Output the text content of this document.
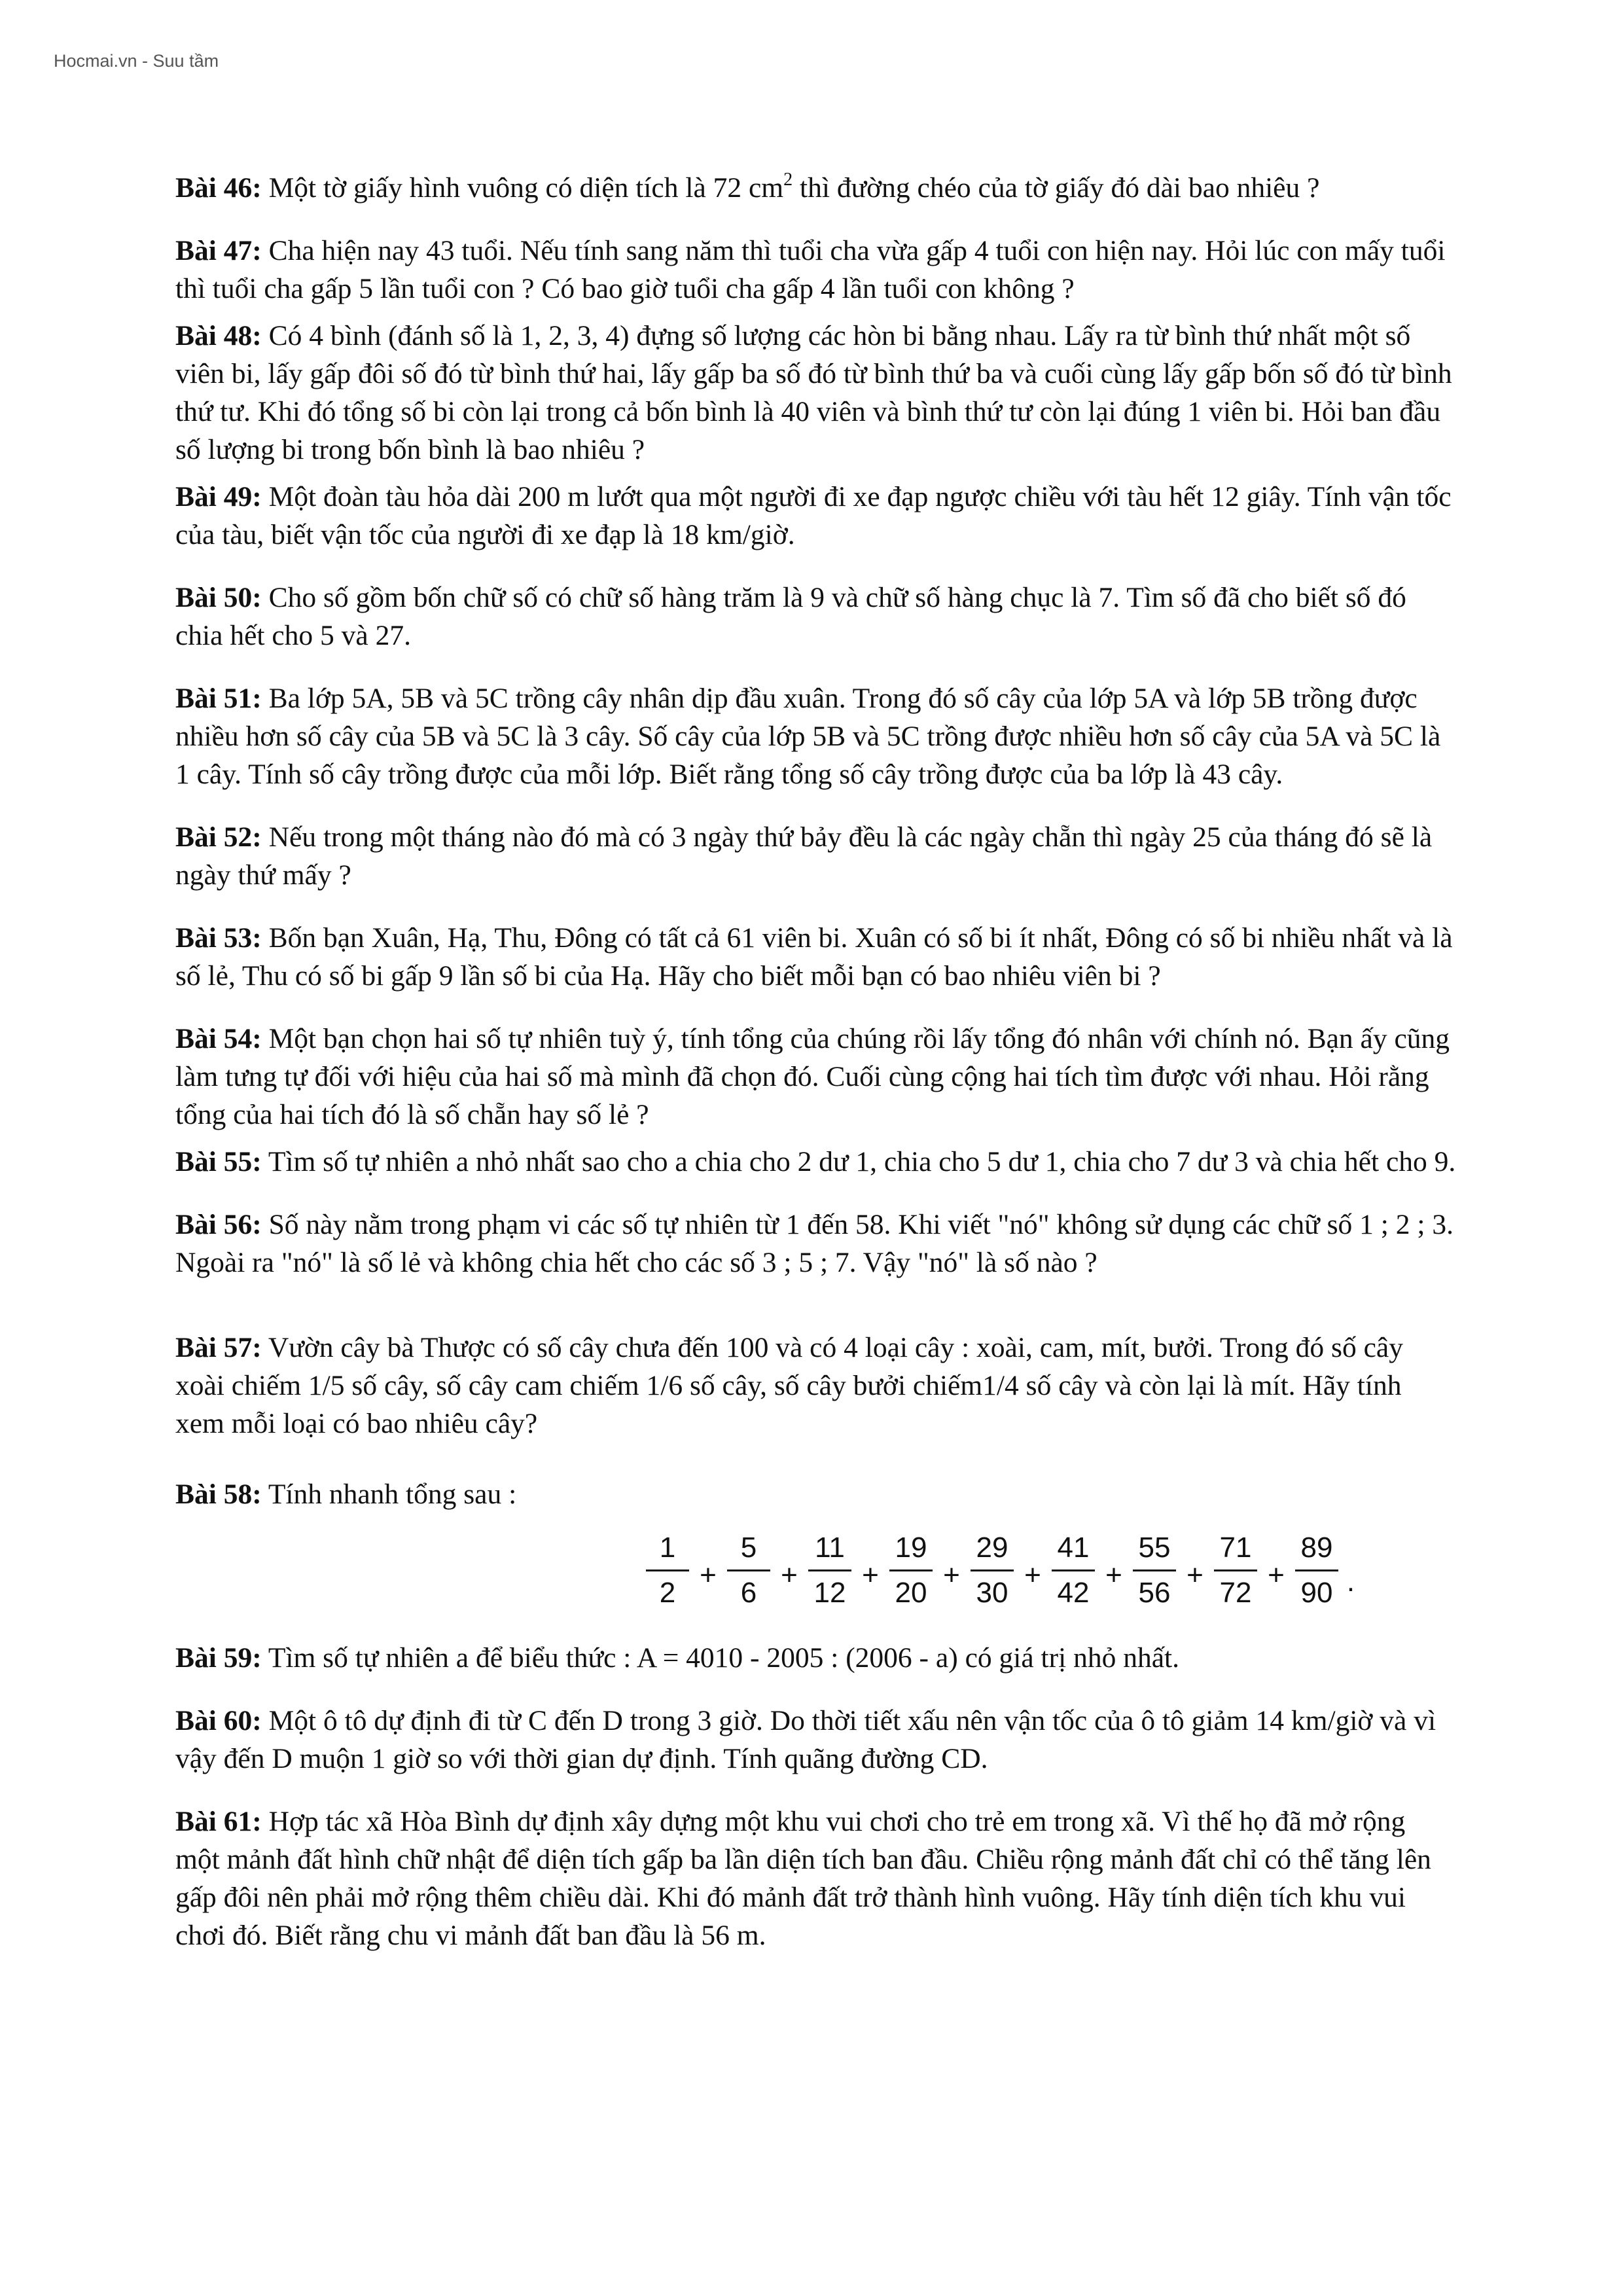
Hocmai.vn - Suu tầm
Bài 46: Một tờ giấy hình vuông có diện tích là 72 $cm^2$ thì đường chéo của tờ giấy đó dài bao nhiêu ?
Bài 47: Cha hiện nay 43 tuổi. Nếu tính sang năm thì tuổi cha vừa gấp 4 tuổi con hiện nay. Hỏi lúc con mấy tuổi
thì tuổi cha gấp 5 lần tuổi con ? Có bao giờ tuổi cha gấp 4 lần tuổi con không ?
Bài 48: Có 4 bình (đánh số là 1, 2, 3, 4) đựng số lượng các hòn bi bằng nhau. Lấy ra từ bình thứ nhất một số
viên bi, lấy gấp đôi số đó từ bình thứ hai, lấy gấp ba số đó từ bình thứ ba và cuối cùng lấy gấp bốn số đó từ bình
thứ tư. Khi đó tổng số bi còn lại trong cả bốn bình là 40 viên và bình thứ tư còn lại đúng 1 viên bi. Hỏi ban đầu
số lượng bi trong bốn bình là bao nhiêu ?
Bài 49: Một đoàn tàu hỏa dài 200 m lướt qua một người đi xe đạp ngược chiều với tàu hết 12 giây. Tính vận tốc
của tàu, biết vận tốc của người đi xe đạp là 18 km/giờ.
Bài 50: Cho số gồm bốn chữ số có chữ số hàng trăm là 9 và chữ số hàng chục là 7. Tìm số đã cho biết số đó
chia hết cho 5 và 27.
Bài 51: Ba lớp 5A, 5B và 5C trồng cây nhân dịp đầu xuân. Trong đó số cây của lớp 5A và lớp 5B trồng được
nhiều hơn số cây của 5B và 5C là 3 cây. Số cây của lớp 5B và 5C trồng được nhiều hơn số cây của 5A và 5C là
1 cây. Tính số cây trồng được của mỗi lớp. Biết rằng tổng số cây trồng được của ba lớp là 43 cây.
Bài 52: Nếu trong một tháng nào đó mà có 3 ngày thứ bảy đều là các ngày chẵn thì ngày 25 của tháng đó sẽ là
ngày thứ mấy ?
Bài 53: Bốn bạn Xuân, Hạ, Thu, Đông có tất cả 61 viên bi. Xuân có số bi ít nhất, Đông có số bi nhiều nhất và là
số lẻ, Thu có số bi gấp 9 lần số bi của Hạ. Hãy cho biết mỗi bạn có bao nhiêu viên bi ?
Bài 54: Một bạn chọn hai số tự nhiên tuỳ ý, tính tổng của chúng rồi lấy tổng đó nhân với chính nó. Bạn ấy cũng
làm tưng tự đối với hiệu của hai số mà mình đã chọn đó. Cuối cùng cộng hai tích tìm được với nhau. Hỏi rằng
tổng của hai tích đó là số chẵn hay số lẻ ?
Bài 55: Tìm số tự nhiên a nhỏ nhất sao cho a chia cho 2 dư 1, chia cho 5 dư 1, chia cho 7 dư 3 và chia hết cho 9.
Bài 56: Số này nằm trong phạm vi các số tự nhiên từ 1 đến 58. Khi viết "nó" không sử dụng các chữ số 1 ; 2 ; 3.
Ngoài ra "nó" là số lẻ và không chia hết cho các số 3 ; 5 ; 7. Vậy "nó" là số nào ?
Bài 57: Vườn cây bà Thược có số cây chưa đến 100 và có 4 loại cây : xoài, cam, mít, bưởi. Trong đó số cây
xoài chiếm 1/5 số cây, số cây cam chiếm 1/6 số cây, số cây bưởi chiếm1/4 số cây và còn lại là mít. Hãy tính
xem mỗi loại có bao nhiêu cây?
Bài 58: Tính nhanh tổng sau :
1
2
+
5
6
+
11
12
+
19
20
+
29
30
+
41
42
+
55
56
+
71
72
+
89
90 .
Bài 59: Tìm số tự nhiên a để biểu thức : A = 4010 - 2005 : (2006 - a) có giá trị nhỏ nhất.
Bài 60: Một ô tô dự định đi từ C đến D trong 3 giờ. Do thời tiết xấu nên vận tốc của ô tô giảm 14 km/giờ và vì
vậy đến D muộn 1 giờ so với thời gian dự định. Tính quãng đường CD.
Bài 61: Hợp tác xã Hòa Bình dự định xây dựng một khu vui chơi cho trẻ em trong xã. Vì thế họ đã mở rộng
một mảnh đất hình chữ nhật để diện tích gấp ba lần diện tích ban đầu. Chiều rộng mảnh đất chỉ có thể tăng lên
gấp đôi nên phải mở rộng thêm chiều dài. Khi đó mảnh đất trở thành hình vuông. Hãy tính diện tích khu vui
chơi đó. Biết rằng chu vi mảnh đất ban đầu là 56 m.
